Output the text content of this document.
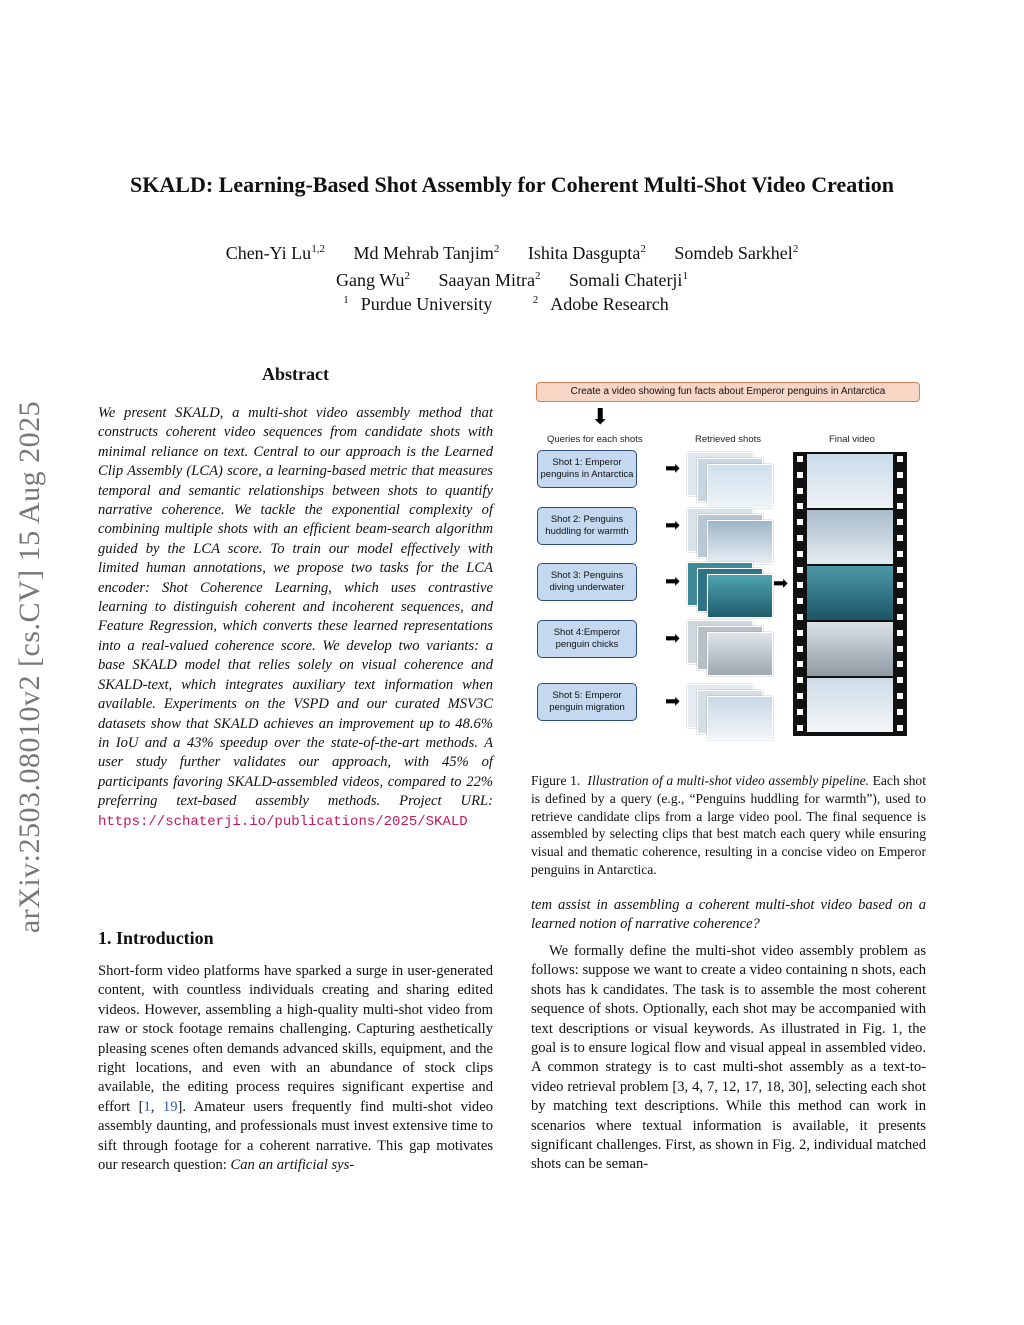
SKALD: Learning-Based Shot Assembly for Coherent Multi-Shot Video Creation
Chen-Yi Lu$^{1,2}$ Md Mehrab Tanjim$^2$ Ishita Dasgupta$^2$ Somdeb Sarkhel$^2$
Gang Wu$^2$ Saayan Mitra$^2$ Somali Chaterji$^1$
$^1$ Purdue University	$^2$ Adobe Research
arXiv:2503.08010v2 [cs.CV] 15 Aug 2025
Abstract
We present SKALD, a multi-shot video assembly method that constructs coherent video sequences from candidate shots with minimal reliance on text. Central to our approach is the Learned Clip Assembly (LCA) score, a learning-based metric that measures temporal and semantic relationships between shots to quantify narrative coherence. We tackle the exponential complexity of combining multiple shots with an efficient beam-search algorithm guided by the LCA score. To train our model effectively with limited human annotations, we propose two tasks for the LCA encoder: Shot Coherence Learning, which uses contrastive learning to distinguish coherent and incoherent sequences, and Feature Regression, which converts these learned representations into a real-valued coherence score. We develop two variants: a base SKALD model that relies solely on visual coherence and SKALD-text, which integrates auxiliary text information when available. Experiments on the VSPD and our curated MSV3C datasets show that SKALD achieves an improvement up to 48.6% in IoU and a 43% speedup over the state-of-the-art methods. A user study further validates our approach, with 45% of participants favoring SKALD-assembled videos, compared to 22% preferring text-based assembly methods. Project URL: https://schaterji.io/publications/2025/SKALD
1. Introduction
Short-form video platforms have sparked a surge in user-generated content, with countless individuals creating and sharing edited videos. However, assembling a high-quality multi-shot video from raw or stock footage remains challenging. Capturing aesthetically pleasing scenes often demands advanced skills, equipment, and the right locations, and even with an abundance of stock clips available, the editing process requires significant expertise and effort [1, 19]. Amateur users frequently find multi-shot video assembly daunting, and professionals must invest extensive time to sift through footage for a coherent narrative. This gap motivates our research question: Can an artificial sys-
Create a video showing fun facts about Emperor penguins in Antarctica
⬇
Queries for each shots	Retrieved shots	Final video
Shot 1: Emperor penguins in Antarctica
Shot 2: Penguins huddling for warmth
Shot 3: Penguins diving underwater
Shot 4:Emperor penguin chicks
Shot 5: Emperor penguin migration
➡
➡
➡
➡
➡
➡
Figure 1. Illustration of a multi-shot video assembly pipeline. Each shot is defined by a query (e.g., “Penguins huddling for warmth”), used to retrieve candidate clips from a large video pool. The final sequence is assembled by selecting clips that best match each query while ensuring visual and thematic coherence, resulting in a concise video on Emperor penguins in Antarctica.
tem assist in assembling a coherent multi-shot video based on a learned notion of narrative coherence?
We formally define the multi-shot video assembly problem as follows: suppose we want to create a video containing n shots, each shots has k candidates. The task is to assemble the most coherent sequence of shots. Optionally, each shot may be accompanied with text descriptions or visual keywords. As illustrated in Fig. 1, the goal is to ensure logical flow and visual appeal in assembled video. A common strategy is to cast multi-shot assembly as a text-to-video retrieval problem [3, 4, 7, 12, 17, 18, 30], selecting each shot by matching text descriptions. While this method can work in scenarios where textual information is available, it presents significant challenges. First, as shown in Fig. 2, individual matched shots can be seman-
